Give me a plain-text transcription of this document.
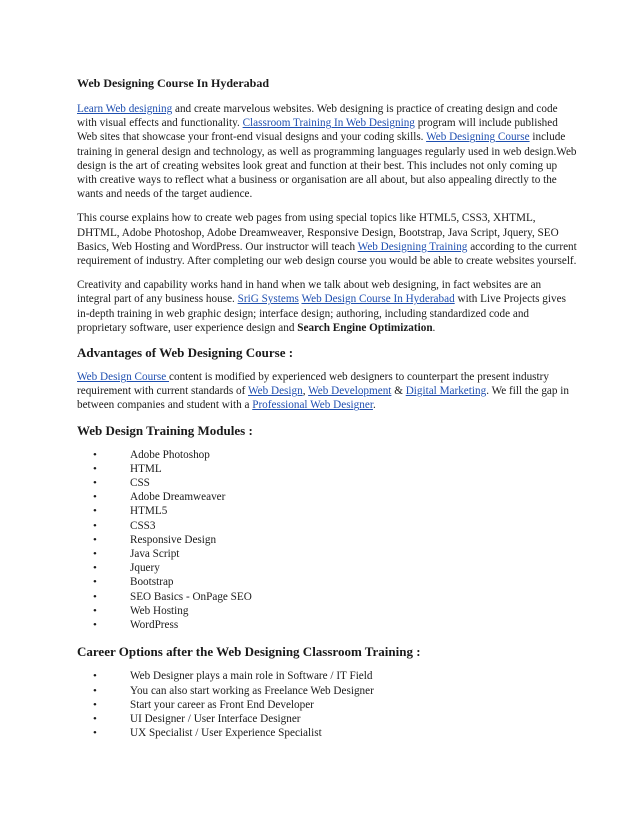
Web Designing Course In Hyderabad

Learn Web designing and create marvelous websites. Web designing is practice of creating design and code with visual effects and functionality. Classroom Training In Web Designing program will include published Web sites that showcase your front-end visual designs and your coding skills. Web Designing Course include training in general design and technology, as well as programming languages regularly used in web design.Web design is the art of creating websites look great and function at their best. This includes not only coming up with creative ways to reflect what a business or organisation are all about, but also appealing directly to the wants and needs of the target audience.

This course explains how to create web pages from using special topics like HTML5, CSS3, XHTML, DHTML, Adobe Photoshop, Adobe Dreamweaver, Responsive Design, Bootstrap, Java Script, Jquery, SEO Basics, Web Hosting and WordPress. Our instructor will teach Web Designing Training according to the current requirement of industry. After completing our web design course you would be able to create websites yourself.

Creativity and capability works hand in hand when we talk about web designing, in fact websites are an integral part of any business house. SriG Systems Web Design Course In Hyderabad with Live Projects gives in-depth training in web graphic design; interface design; authoring, including standardized code and proprietary software, user experience design and Search Engine Optimization.

Advantages of Web Designing Course :

Web Design Course content is modified by experienced web designers to counterpart the present industry requirement with current standards of Web Design, Web Development & Digital Marketing. We fill the gap in between companies and student with a Professional Web Designer.

Web Design Training Modules :
• Adobe Photoshop
• HTML
• CSS
• Adobe Dreamweaver
• HTML5
• CSS3
• Responsive Design
• Java Script
• Jquery
• Bootstrap
• SEO Basics - OnPage SEO
• Web Hosting
• WordPress
Career Options after the Web Designing Classroom Training :
• Web Designer plays a main role in Software / IT Field
• You can also start working as Freelance Web Designer
• Start your career as Front End Developer
• UI Designer / User Interface Designer
• UX Specialist / User Experience Specialist
